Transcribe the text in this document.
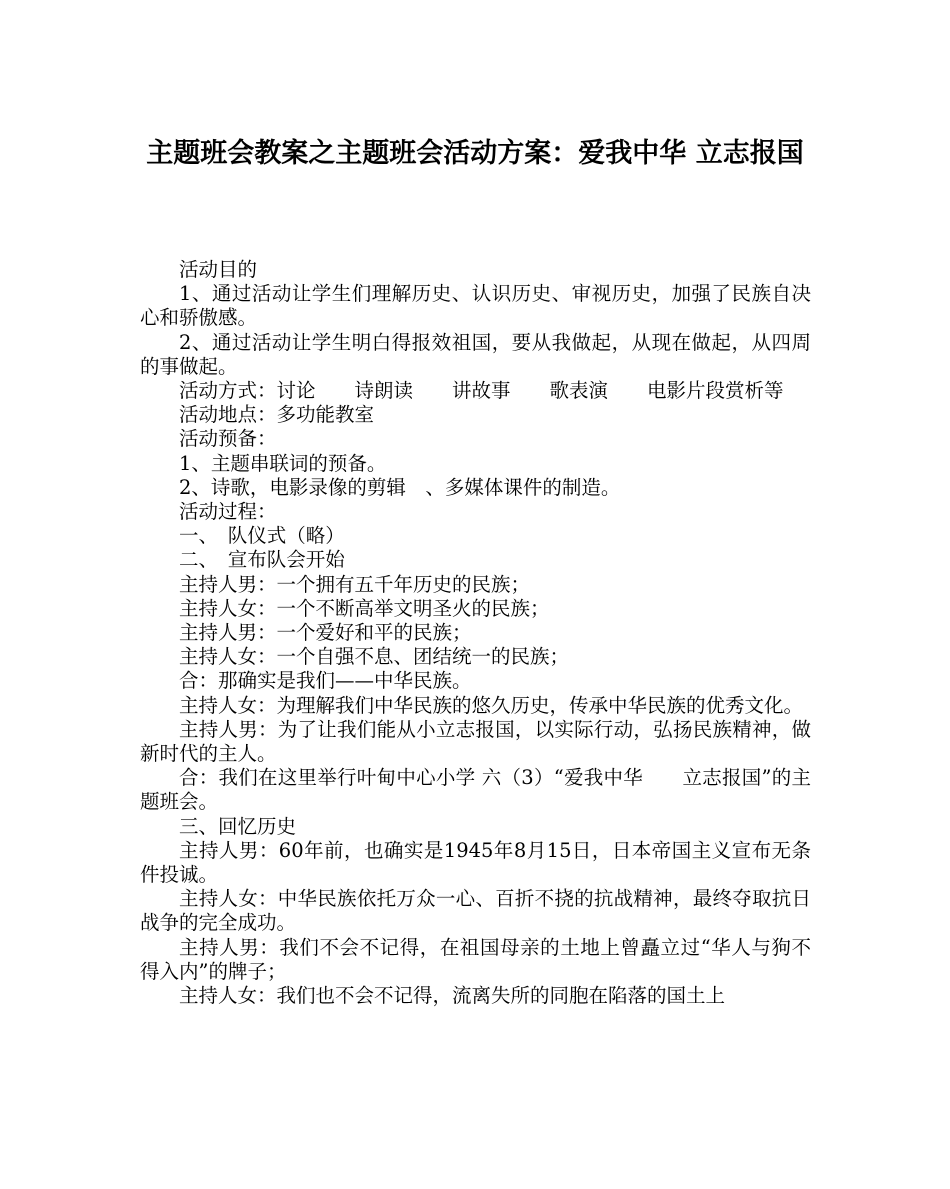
主题班会教案之主题班会活动方案：爱我中华 立志报国

活动目的

1、通过活动让学生们理解历史、认识历史、审视历史，加强了民族自决心和骄傲感。

2、通过活动让学生明白得报效祖国，要从我做起，从现在做起，从四周的事做起。

活动方式：讨论　　诗朗读　　讲故事　　歌表演　　电影片段赏析等

活动地点：多功能教室

活动预备：

1、主题串联词的预备。

2、诗歌，电影录像的剪辑　、多媒体课件的制造。

活动过程：

一、　队仪式（略）

二、　宣布队会开始

主持人男：一个拥有五千年历史的民族；

主持人女：一个不断高举文明圣火的民族；

主持人男：一个爱好和平的民族；

主持人女：一个自强不息、团结统一的民族；

合：那确实是我们——中华民族。

主持人女：为理解我们中华民族的悠久历史，传承中华民族的优秀文化。

主持人男：为了让我们能从小立志报国，以实际行动，弘扬民族精神，做新时代的主人。

合：我们在这里举行叶甸中心小学 六（3）“爱我中华　　立志报国”的主题班会。

三、回忆历史

主持人男：60年前，也确实是1945年8月15日，日本帝国主义宣布无条件投诚。

主持人女：中华民族依托万众一心、百折不挠的抗战精神，最终夺取抗日战争的完全成功。

主持人男：我们不会不记得，在祖国母亲的土地上曾矗立过“华人与狗不得入内”的牌子；

主持人女：我们也不会不记得，流离失所的同胞在陷落的国土上
